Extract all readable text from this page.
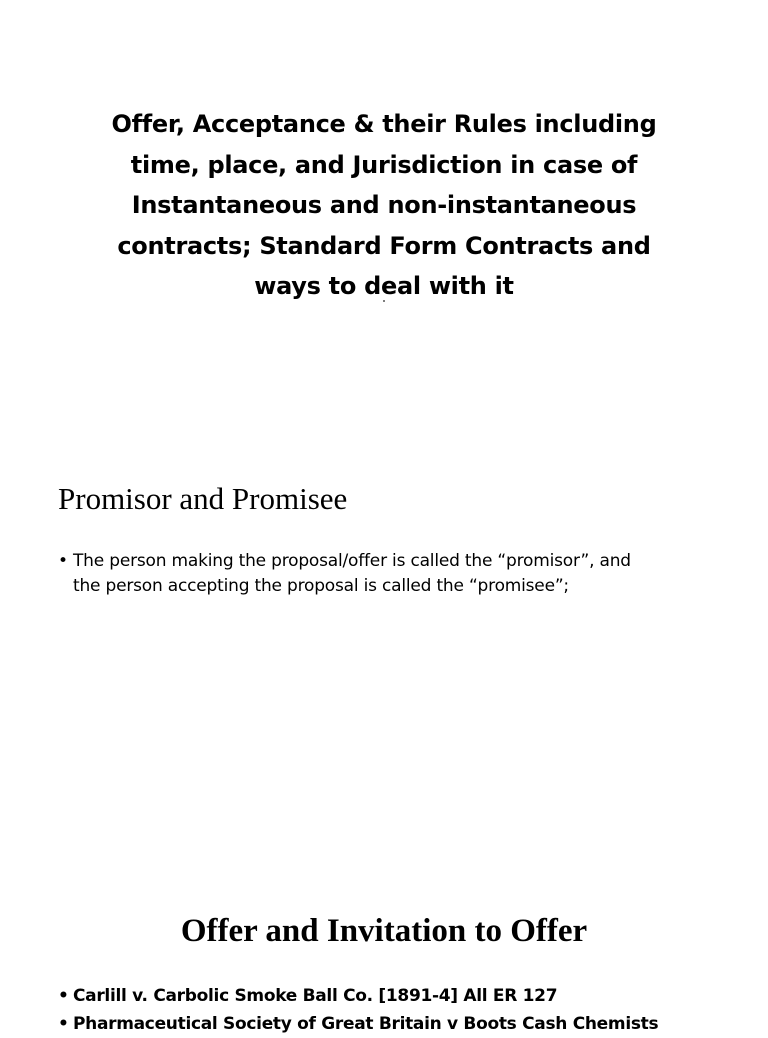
Offer, Acceptance & their Rules including
time, place, and Jurisdiction in case of
Instantaneous and non-instantaneous
contracts; Standard Form Contracts and
ways to deal with it
Promisor and Promisee
• The person making the proposal/offer is called the “promisor”, and
the person accepting the proposal is called the “promisee”;
Offer and Invitation to Offer
• Carlill v. Carbolic Smoke Ball Co. [1891-4] All ER 127
• Pharmaceutical Society of Great Britain v Boots Cash Chemists
